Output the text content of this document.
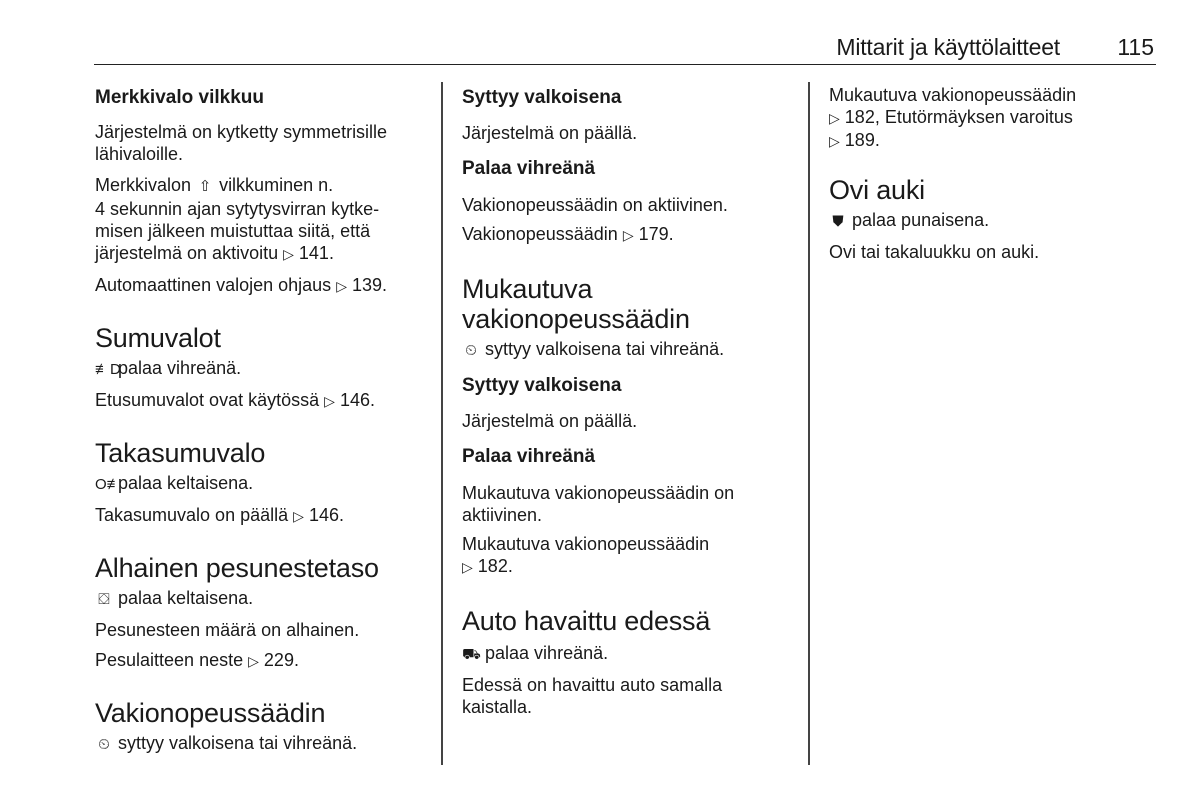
Mittarit ja käyttölaitteet 115

Merkkivalo vilkkuu

Järjestelmä on kytketty symmetrisille lähivaloille.

Merkkivalon ⇧ vilkkuminen n.
4 sekunnin ajan sytytysvirran kytke-
misen jälkeen muistuttaa siitä, että
järjestelmä on aktivoitu ▷ 141.
Automaattinen valojen ohjaus ▷ 139.
Sumuvalot
≢D palaa vihreänä.
Etusumuvalot ovat käytössä ▷ 146.
Takasumuvalo
O≢ palaa keltaisena.
Takasumuvalo on päällä ▷ 146.
Alhainen pesunestetaso
⛋ palaa keltaisena.

Pesunesteen määrä on alhainen.

Pesulaitteen neste ▷ 229.
Vakionopeussäädin
⏲ syttyy valkoisena tai vihreänä.

Syttyy valkoisena

Järjestelmä on päällä.

Palaa vihreänä

Vakionopeussäädin on aktiivinen.

Vakionopeussäädin ▷ 179.
Mukautuva
vakionopeussäädin
⏲ syttyy valkoisena tai vihreänä.

Syttyy valkoisena

Järjestelmä on päällä.

Palaa vihreänä

Mukautuva vakionopeussäädin on
aktiivinen.
Mukautuva vakionopeussäädin
▷ 182.
Auto havaittu edessä
⛟ palaa vihreänä.
Edessä on havaittu auto samalla
kaistalla.
Mukautuva vakionopeussäädin
▷ 182, Etutörmäyksen varoitus
▷ 189.
Ovi auki
⛊ palaa punaisena.

Ovi tai takaluukku on auki.
